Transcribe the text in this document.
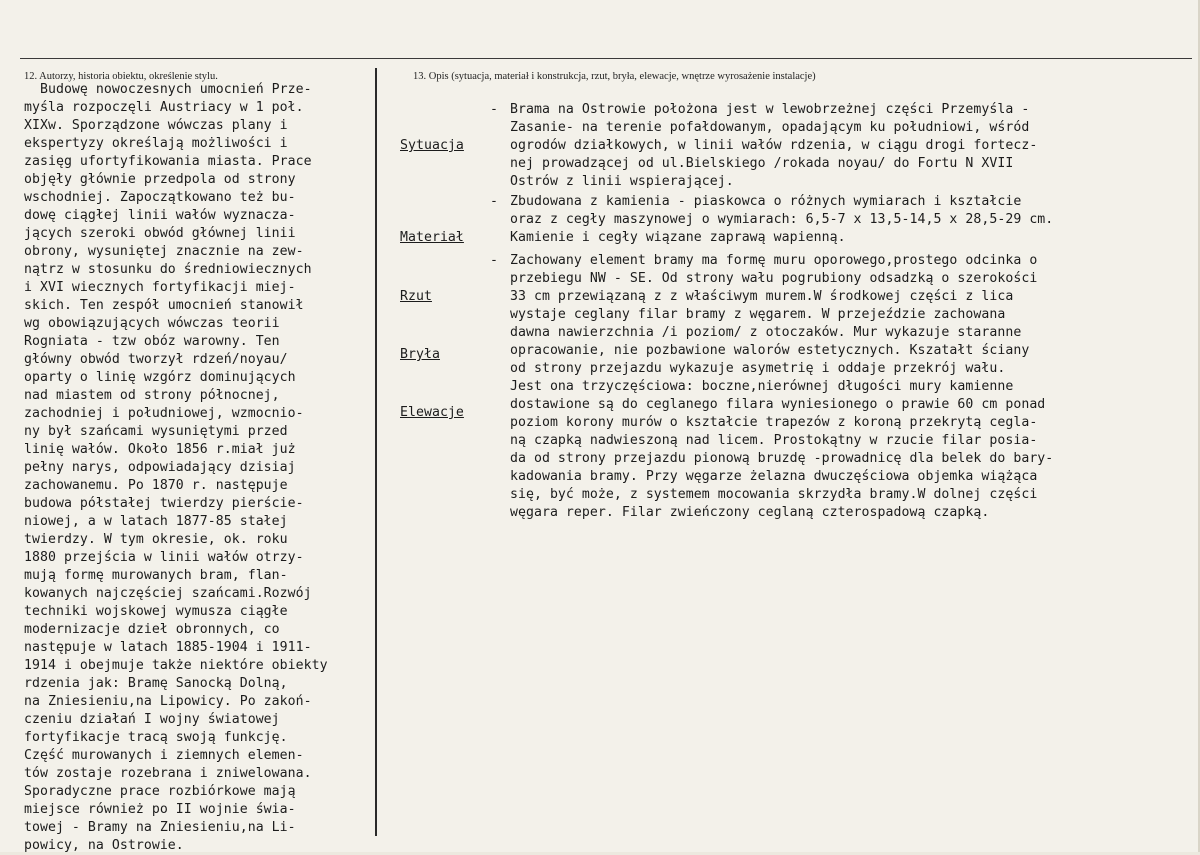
12. Autorzy, historia obiektu, określenie stylu.	13. Opis (sytuacja, materiał i konstrukcja, rzut, bryła, elewacje, wnętrze wyrosażenie instalacje)
Budowę nowoczesnych umocnień Prze-
myśla rozpoczęli Austriacy w 1 poł.
XIXw. Sporządzone wówczas plany i
ekspertyzy określają możliwości i
zasięg ufortyfikowania miasta. Prace
objęły głównie przedpola od strony
wschodniej. Zapoczątkowano też bu-
dowę ciągłej linii wałów wyznacza-
jących szeroki obwód głównej linii
obrony, wysuniętej znacznie na zew-
nątrz w stosunku do średniowiecznych
i XVI wiecznych fortyfikacji miej-
skich. Ten zespół umocnień stanowił
wg obowiązujących wówczas teorii
Rogniata - tzw obóz warowny. Ten
główny obwód tworzył rdzeń/noyau/
oparty o linię wzgórz dominujących
nad miastem od strony północnej,
zachodniej i południowej, wzmocnio-
ny był szańcami wysuniętymi przed
linię wałów. Około 1856 r.miał już
pełny narys, odpowiadający dzisiaj
zachowanemu. Po 1870 r. następuje
budowa półstałej twierdzy pierście-
niowej, a w latach 1877-85 stałej
twierdzy. W tym okresie, ok. roku
1880 przejścia w linii wałów otrzy-
mują formę murowanych bram, flan-
kowanych najczęściej szańcami.Rozwój
techniki wojskowej wymusza ciągłe
modernizacje dzieł obronnych, co
następuje w latach 1885-1904 i 1911-
1914 i obejmuje także niektóre obiekty
rdzenia jak: Bramę Sanocką Dolną,
na Zniesieniu,na Lipowicy. Po zakoń-
czeniu działań I wojny światowej
fortyfikacje tracą swoją funkcję.
Część murowanych i ziemnych elemen-
tów zostaje rozebrana i zniwelowana.
Sporadyczne prace rozbiórkowe mają
miejsce również po II wojnie świa-
towej - Bramy na Zniesieniu,na Li-
powicy, na Ostrowie.

Sytuacja

- Brama na Ostrowie położona jest w lewobrzeżnej części Przemyśla -
Zasanie- na terenie pofałdowanym, opadającym ku południowi, wśród
ogrodów działkowych, w linii wałów rdzenia, w ciągu drogi fortecz-
nej prowadzącej od ul.Bielskiego /rokada noyau/ do Fortu N XVII
Ostrów z linii wspierającej.

Materiał

- Zbudowana z kamienia - piaskowca o różnych wymiarach i kształcie
oraz z cegły maszynowej o wymiarach: 6,5-7 x 13,5-14,5 x 28,5-29 cm.
Kamienie i cegły wiązane zaprawą wapienną.

Rzut

Bryła

Elewacje

- Zachowany element bramy ma formę muru oporowego,prostego odcinka o
przebiegu NW - SE. Od strony wału pogrubiony odsadzką o szerokości
33 cm przewiązaną z z właściwym murem.W środkowej części z lica
wystaje ceglany filar bramy z węgarem. W przejeździe zachowana
dawna nawierzchnia /i poziom/ z otoczaków. Mur wykazuje staranne
opracowanie, nie pozbawione walorów estetycznych. Kszatałt ściany
od strony przejazdu wykazuje asymetrię i oddaje przekrój wału.
Jest ona trzyczęściowa: boczne,nierównej długości mury kamienne
dostawione są do ceglanego filara wyniesionego o prawie 60 cm ponad
poziom korony murów o kształcie trapezów z koroną przekrytą cegla-
ną czapką nadwieszoną nad licem. Prostokątny w rzucie filar posia-
da od strony przejazdu pionową bruzdę -prowadnicę dla belek do bary-
kadowania bramy. Przy węgarze żelazna dwuczęściowa objemka wiążąca
się, być może, z systemem mocowania skrzydła bramy.W dolnej części
węgara reper. Filar zwieńczony ceglaną czterospadową czapką.
